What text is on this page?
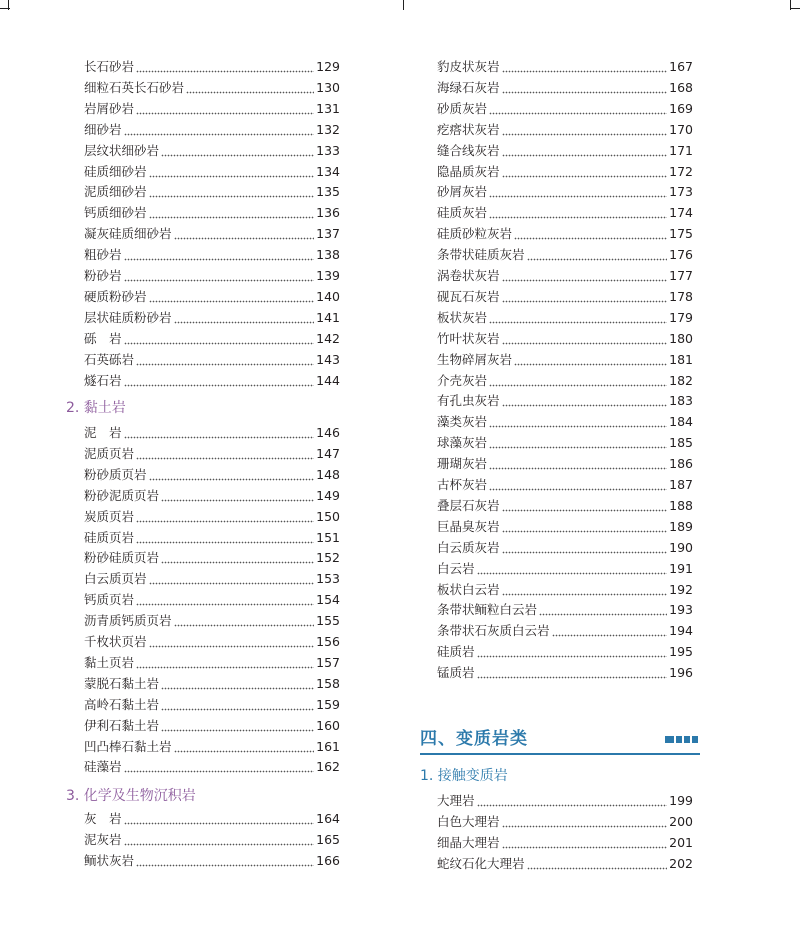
长石砂岩	129
细粒石英长石砂岩	130
岩屑砂岩	131
细砂岩	132
层纹状细砂岩	133
硅质细砂岩	134
泥质细砂岩	135
钙质细砂岩	136
凝灰硅质细砂岩	137
粗砂岩	138
粉砂岩	139
硬质粉砂岩	140
层状硅质粉砂岩	141
砾　岩	142
石英砾岩	143
燧石岩	144
2. 黏土岩
泥　岩	146
泥质页岩	147
粉砂质页岩	148
粉砂泥质页岩	149
炭质页岩	150
硅质页岩	151
粉砂硅质页岩	152
白云质页岩	153
钙质页岩	154
沥青质钙质页岩	155
千枚状页岩	156
黏土页岩	157
蒙脱石黏土岩	158
高岭石黏土岩	159
伊利石黏土岩	160
凹凸棒石黏土岩	161
硅藻岩	162
3. 化学及生物沉积岩
灰　岩	164
泥灰岩	165
鲕状灰岩	166
豹皮状灰岩	167
海绿石灰岩	168
砂质灰岩	169
疙瘩状灰岩	170
缝合线灰岩	171
隐晶质灰岩	172
砂屑灰岩	173
硅质灰岩	174
硅质砂粒灰岩	175
条带状硅质灰岩	176
涡卷状灰岩	177
砚瓦石灰岩	178
板状灰岩	179
竹叶状灰岩	180
生物碎屑灰岩	181
介壳灰岩	182
有孔虫灰岩	183
藻类灰岩	184
球藻灰岩	185
珊瑚灰岩	186
古杯灰岩	187
叠层石灰岩	188
巨晶臭灰岩	189
白云质灰岩	190
白云岩	191
板状白云岩	192
条带状鲕粒白云岩	193
条带状石灰质白云岩	194
硅质岩	195
锰质岩	196
1. 接触变质岩
大理岩	199
白色大理岩	200
细晶大理岩	201
蛇纹石化大理岩	202
四、变质岩类
